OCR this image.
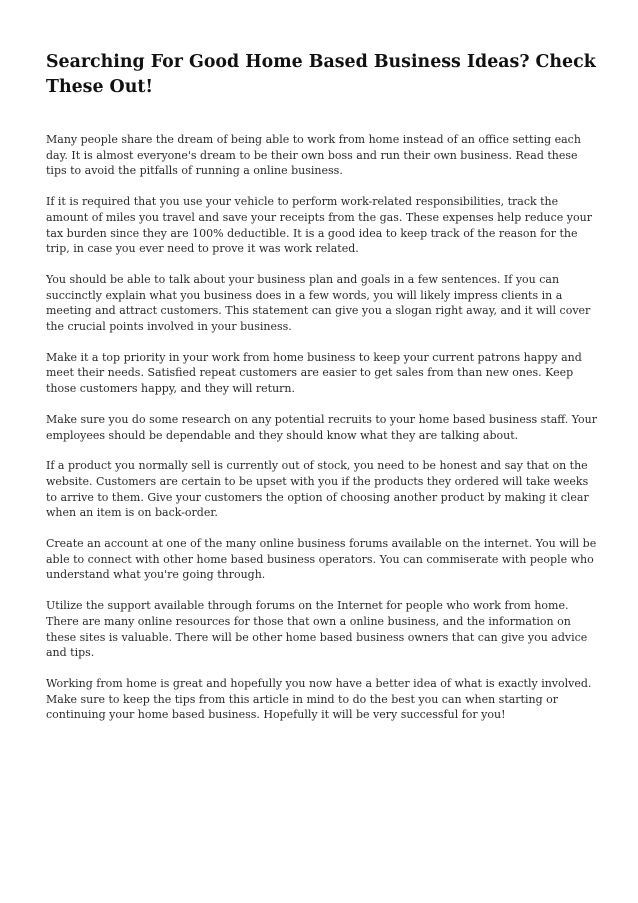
Searching For Good Home Based Business Ideas? Check These Out!

Many people share the dream of being able to work from home instead of an office setting each day. It is almost everyone's dream to be their own boss and run their own business. Read these tips to avoid the pitfalls of running a online business.

If it is required that you use your vehicle to perform work-related responsibilities, track the amount of miles you travel and save your receipts from the gas. These expenses help reduce your tax burden since they are 100% deductible. It is a good idea to keep track of the reason for the trip, in case you ever need to prove it was work related.

You should be able to talk about your business plan and goals in a few sentences. If you can succinctly explain what you business does in a few words, you will likely impress clients in a meeting and attract customers. This statement can give you a slogan right away, and it will cover the crucial points involved in your business.

Make it a top priority in your work from home business to keep your current patrons happy and meet their needs. Satisfied repeat customers are easier to get sales from than new ones. Keep those customers happy, and they will return.

Make sure you do some research on any potential recruits to your home based business staff. Your employees should be dependable and they should know what they are talking about.

If a product you normally sell is currently out of stock, you need to be honest and say that on the website. Customers are certain to be upset with you if the products they ordered will take weeks to arrive to them. Give your customers the option of choosing another product by making it clear when an item is on back-order.

Create an account at one of the many online business forums available on the internet. You will be able to connect with other home based business operators. You can commiserate with people who understand what you're going through.

Utilize the support available through forums on the Internet for people who work from home. There are many online resources for those that own a online business, and the information on these sites is valuable. There will be other home based business owners that can give you advice and tips.

Working from home is great and hopefully you now have a better idea of what is exactly involved. Make sure to keep the tips from this article in mind to do the best you can when starting or continuing your home based business. Hopefully it will be very successful for you!
